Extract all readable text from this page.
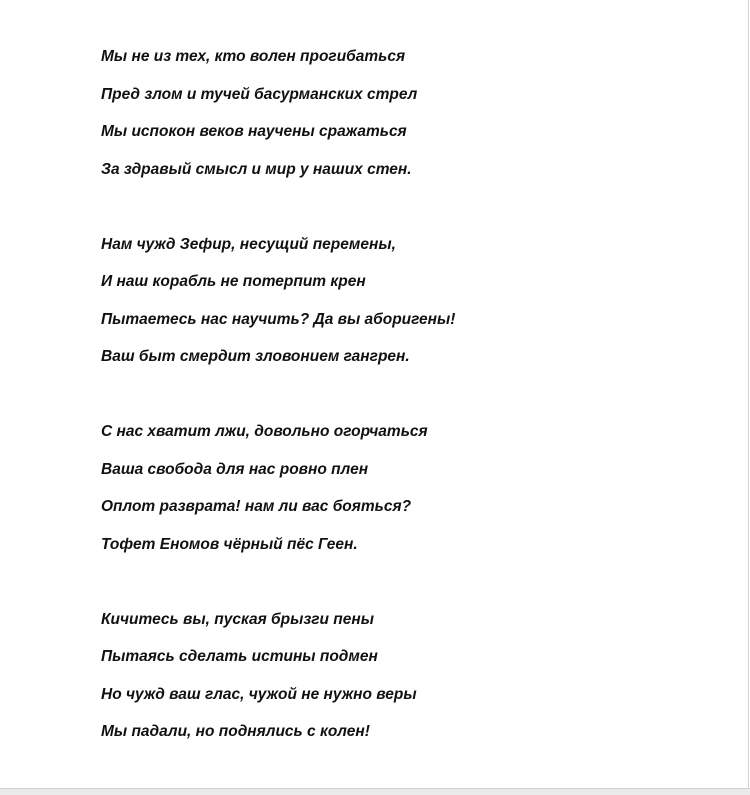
Мы не из тех, кто волен прогибаться
Пред злом и тучей басурманских стрел
Мы испокон веков научены сражаться
За здравый смысл и мир у наших стен.
Нам чужд Зефир, несущий перемены,
И наш корабль не потерпит крен
Пытаетесь нас научить? Да вы аборигены!
Ваш быт смердит зловонием гангрен.
С нас хватит лжи, довольно огорчаться
Ваша свобода для нас ровно плен
Оплот разврата! нам ли вас бояться?
Тофет Еномов чёрный пёс Геен.
Кичитесь вы, пуская брызги пены
Пытаясь сделать истины подмен
Но чужд ваш глас, чужой не нужно веры
Мы падали, но поднялись с колен!
